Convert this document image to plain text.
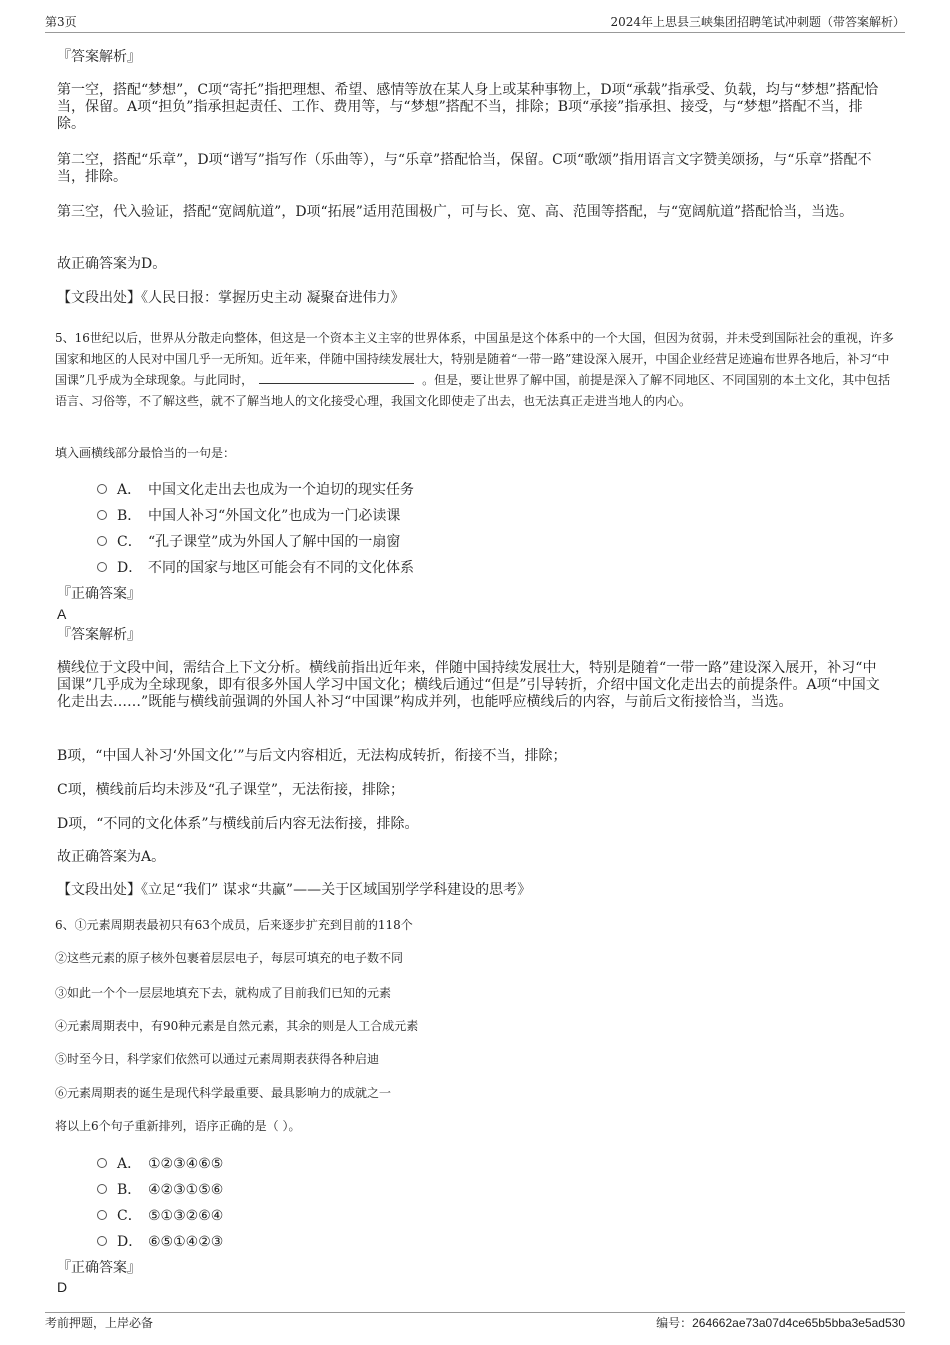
第3页	2024年上思县三峡集团招聘笔试冲刺题（带答案解析）
『答案解析』
第一空，搭配“梦想”，C项“寄托”指把理想、希望、感情等放在某人身上或某种事物上，D项“承载”指承受、负载，均与“梦想”搭配恰当，保留。A项“担负”指承担起责任、工作、费用等，与“梦想”搭配不当，排除；B项“承接”指承担、接受，与“梦想”搭配不当，排除。
第二空，搭配“乐章”，D项“谱写”指写作（乐曲等），与“乐章”搭配恰当，保留。C项“歌颂”指用语言文字赞美颂扬，与“乐章”搭配不当，排除。
第三空，代入验证，搭配“宽阔航道”，D项“拓展”适用范围极广，可与长、宽、高、范围等搭配，与“宽阔航道”搭配恰当，当选。
故正确答案为D。
【文段出处】《人民日报：掌握历史主动 凝聚奋进伟力》
5、16世纪以后，世界从分散走向整体，但这是一个资本主义主宰的世界体系，中国虽是这个体系中的一个大国，但因为贫弱，并未受到国际社会的重视，许多国家和地区的人民对中国几乎一无所知。近年来，伴随中国持续发展壮大，特别是随着“一带一路”建设深入展开，中国企业经营足迹遍布世界各地后，补习“中国课”几乎成为全球现象。与此同时，	。但是，要让世界了解中国，前提是深入了解不同地区、不同国别的本土文化，其中包括语言、习俗等，不了解这些，就不了解当地人的文化接受心理，我国文化即使走了出去，也无法真正走进当地人的内心。
填入画横线部分最恰当的一句是：
A． 中国文化走出去也成为一个迫切的现实任务
B． 中国人补习“外国文化”也成为一门必读课
C． “孔子课堂”成为外国人了解中国的一扇窗
D． 不同的国家与地区可能会有不同的文化体系
『正确答案』
A
『答案解析』
横线位于文段中间，需结合上下文分析。横线前指出近年来，伴随中国持续发展壮大，特别是随着“一带一路”建设深入展开，补习“中国课”几乎成为全球现象，即有很多外国人学习中国文化；横线后通过“但是”引导转折，介绍中国文化走出去的前提条件。A项“中国文化走出去……”既能与横线前强调的外国人补习“中国课”构成并列，也能呼应横线后的内容，与前后文衔接恰当，当选。
B项，“中国人补习‘外国文化’”与后文内容相近，无法构成转折，衔接不当，排除；
C项，横线前后均未涉及“孔子课堂”，无法衔接，排除；
D项，“不同的文化体系”与横线前后内容无法衔接，排除。
故正确答案为A。
【文段出处】《立足“我们” 谋求“共赢”——关于区域国别学学科建设的思考》
6、①元素周期表最初只有63个成员，后来逐步扩充到目前的118个
②这些元素的原子核外包裹着层层电子，每层可填充的电子数不同
③如此一个个一层层地填充下去，就构成了目前我们已知的元素
④元素周期表中，有90种元素是自然元素，其余的则是人工合成元素
⑤时至今日，科学家们依然可以通过元素周期表获得各种启迪
⑥元素周期表的诞生是现代科学最重要、最具影响力的成就之一
将以上6个句子重新排列，语序正确的是（ ）。
A． ①②③④⑥⑤
B． ④②③①⑤⑥
C． ⑤①③②⑥④
D． ⑥⑤①④②③
『正确答案』
D
考前押题，上岸必备	编号：264662ae73a07d4ce65b5bba3e5ad530
